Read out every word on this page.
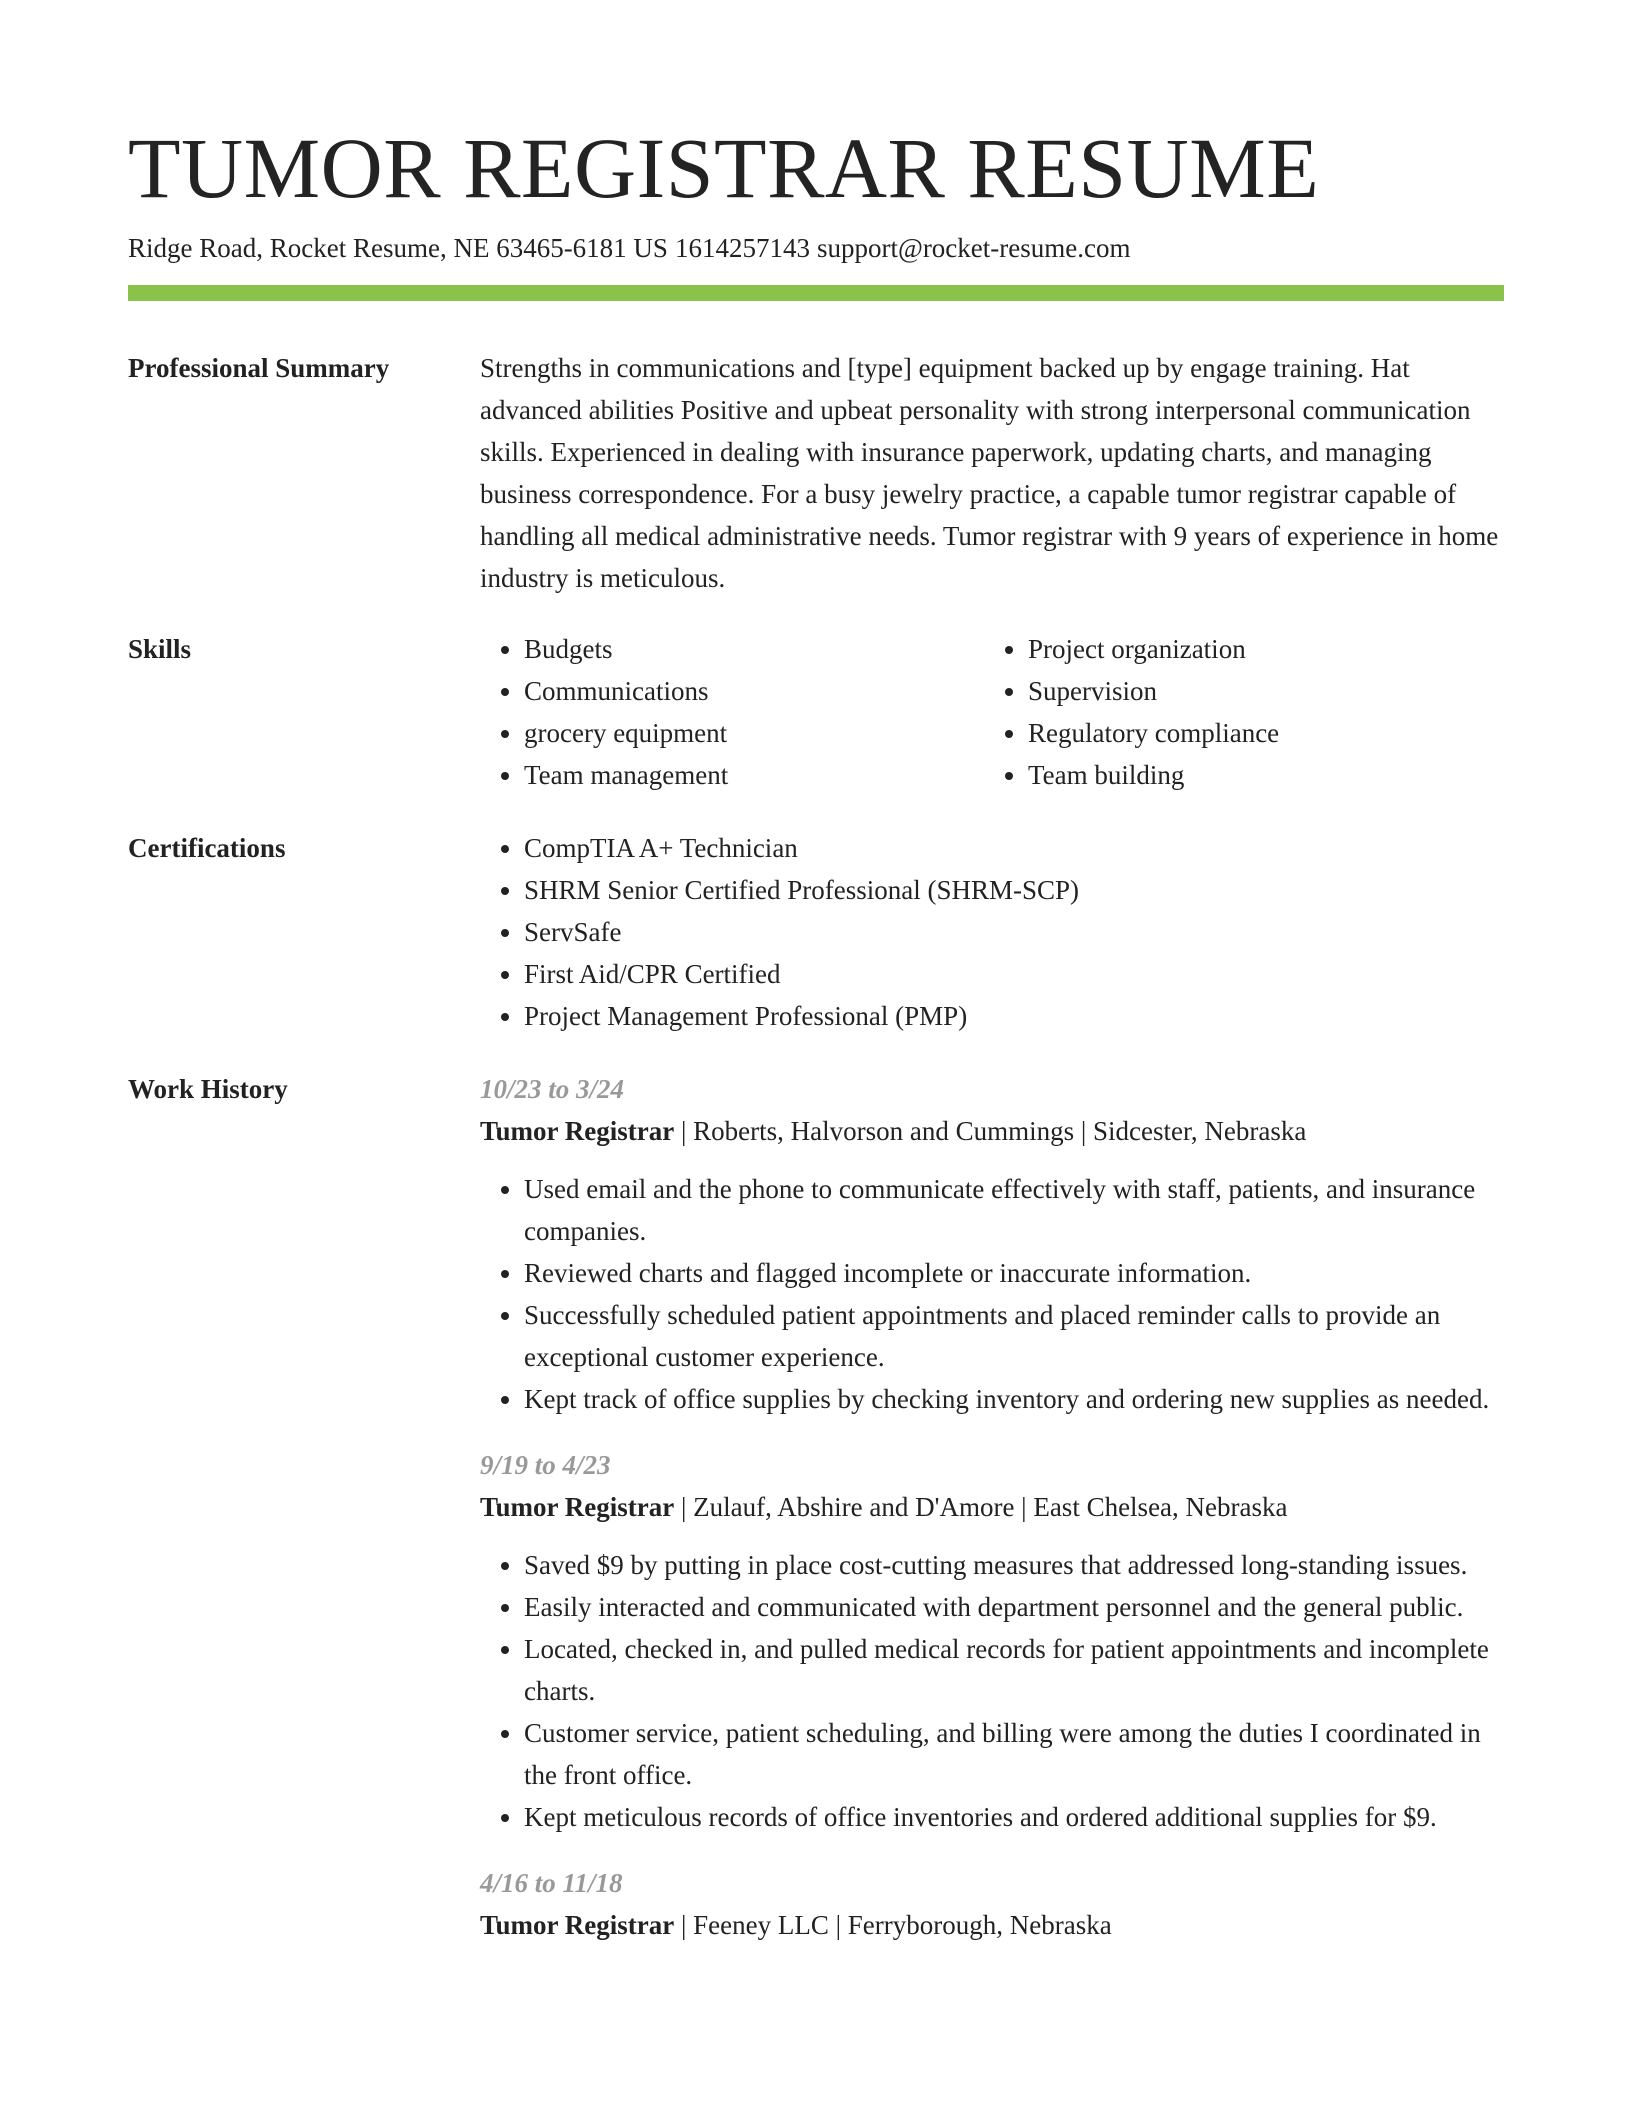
TUMOR REGISTRAR RESUME
Ridge Road, Rocket Resume, NE 63465-6181 US 1614257143 support@rocket-resume.com
Professional Summary	Strengths in communications and [type] equipment backed up by engage training. Hat advanced abilities Positive and upbeat personality with strong interpersonal communication skills. Experienced in dealing with insurance paperwork, updating charts, and managing business correspondence. For a busy jewelry practice, a capable tumor registrar capable of handling all medical administrative needs. Tumor registrar with 9 years of experience in home industry is meticulous.

Skills	• Budgets
• Communications
• grocery equipment
• Team management
• Project organization
• Supervision
• Regulatory compliance
• Team building
Certifications	• CompTIA A+ Technician
• SHRM Senior Certified Professional (SHRM-SCP)
• ServSafe
• First Aid/CPR Certified
• Project Management Professional (PMP)
Work History	10/23 to 3/24
Tumor Registrar | Roberts, Halvorson and Cummings | Sidcester, Nebraska
• Used email and the phone to communicate effectively with staff, patients, and insurance companies.
• Reviewed charts and flagged incomplete or inaccurate information.
• Successfully scheduled patient appointments and placed reminder calls to provide an exceptional customer experience.
• Kept track of office supplies by checking inventory and ordering new supplies as needed.
9/19 to 4/23
Tumor Registrar | Zulauf, Abshire and D'Amore | East Chelsea, Nebraska
• Saved $9 by putting in place cost-cutting measures that addressed long-standing issues.
• Easily interacted and communicated with department personnel and the general public.
• Located, checked in, and pulled medical records for patient appointments and incomplete charts.
• Customer service, patient scheduling, and billing were among the duties I coordinated in the front office.
• Kept meticulous records of office inventories and ordered additional supplies for $9.
4/16 to 11/18
Tumor Registrar | Feeney LLC | Ferryborough, Nebraska
